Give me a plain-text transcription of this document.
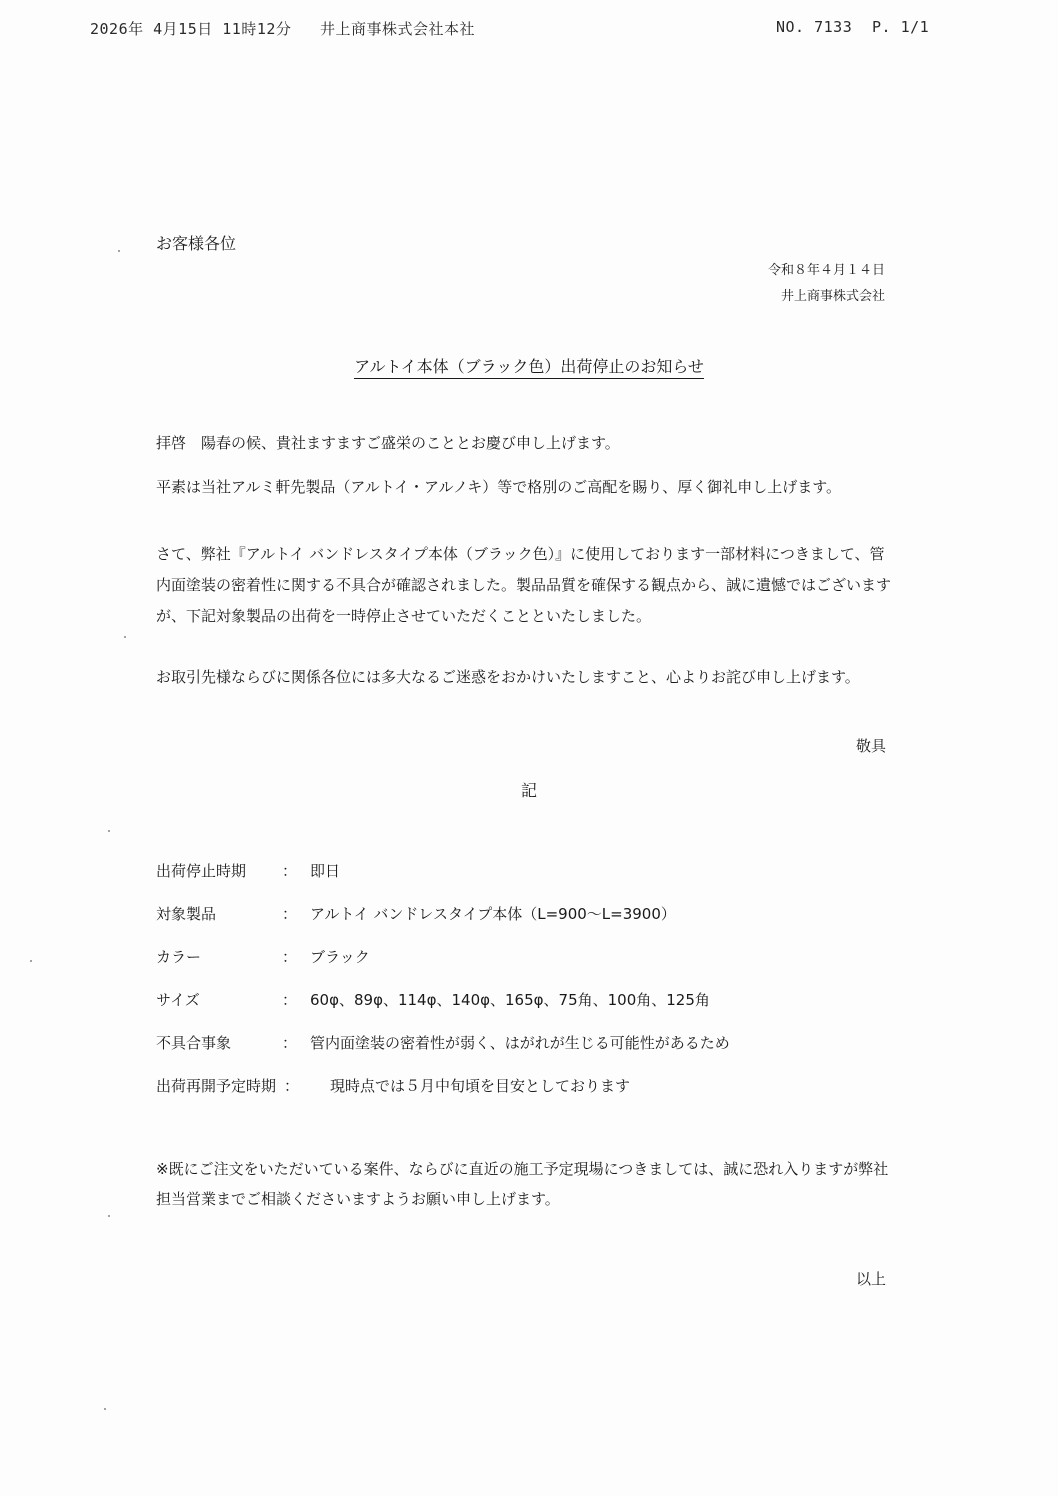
2026年 4月15日 11時12分 井上商事株式会社本社	NO. 7133 P. 1/1
お客様各位
令和８年４月１４日
井上商事株式会社
アルトイ本体（ブラック色）出荷停止のお知らせ
拝啓　陽春の候、貴社ますますご盛栄のこととお慶び申し上げます。
平素は当社アルミ軒先製品（アルトイ・アルノキ）等で格別のご高配を賜り、厚く御礼申し上げます。
さて、弊社『アルトイ バンドレスタイプ本体（ブラック色）』に使用しております一部材料につきまして、管内面塗装の密着性に関する不具合が確認されました。製品品質を確保する観点から、誠に遺憾ではございますが、下記対象製品の出荷を一時停止させていただくことといたしました。
お取引先様ならびに関係各位には多大なるご迷惑をおかけいたしますこと、心よりお詫び申し上げます。
敬具
記
出荷停止時期 ： 即日
対象製品	： アルトイ バンドレスタイプ本体（L=900～L=3900）
カラー	： ブラック
サイズ	： 60φ、89φ、114φ、140φ、165φ、75角、100角、125角
不具合事象	： 管内面塗装の密着性が弱く、はがれが生じる可能性があるため
出荷再開予定時期 ： 現時点では５月中旬頃を目安としております
※既にご注文をいただいている案件、ならびに直近の施工予定現場につきましては、誠に恐れ入りますが弊社担当営業までご相談くださいますようお願い申し上げます。
以上
